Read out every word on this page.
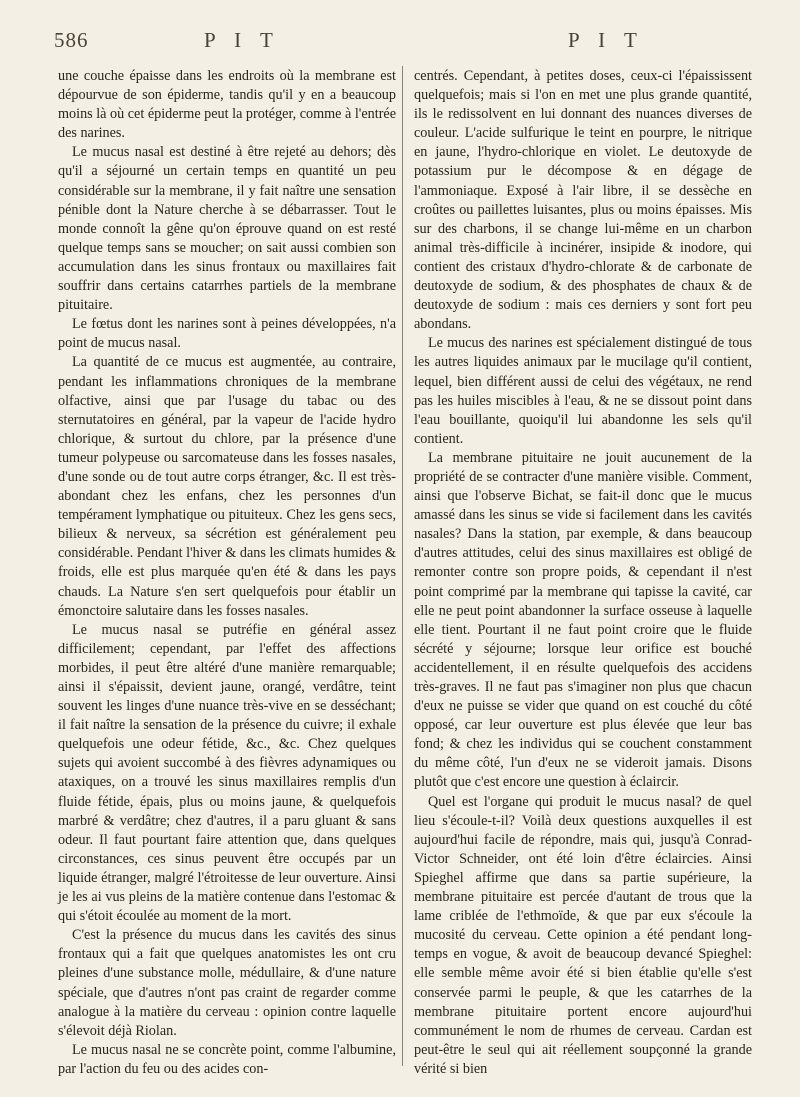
586	P I T	P I T

une couche épaisse dans les endroits où la membrane est dépourvue de son épiderme, tandis qu'il y en a beaucoup moins là où cet épiderme peut la protéger, comme à l'entrée des narines.

Le mucus nasal est destiné à être rejeté au dehors; dès qu'il a séjourné un certain temps en quantité un peu considérable sur la membrane, il y fait naître une sensation pénible dont la Nature cherche à se débarrasser. Tout le monde connoît la gêne qu'on éprouve quand on est resté quelque temps sans se moucher; on sait aussi combien son accumulation dans les sinus frontaux ou maxillaires fait souffrir dans certains catarrhes partiels de la membrane pituitaire.

Le fœtus dont les narines sont à peines développées, n'a point de mucus nasal.

La quantité de ce mucus est augmentée, au contraire, pendant les inflammations chroniques de la membrane olfactive, ainsi que par l'usage du tabac ou des sternutatoires en général, par la vapeur de l'acide hydro chlorique, & surtout du chlore, par la présence d'une tumeur polypeuse ou sarcomateuse dans les fosses nasales, d'une sonde ou de tout autre corps étranger, &c. Il est très-abondant chez les enfans, chez les personnes d'un tempérament lymphatique ou pituiteux. Chez les gens secs, bilieux & nerveux, sa sécrétion est généralement peu considérable. Pendant l'hiver & dans les climats humides & froids, elle est plus marquée qu'en été & dans les pays chauds. La Nature s'en sert quelquefois pour établir un émonctoire salutaire dans les fosses nasales.

Le mucus nasal se putréfie en général assez difficilement; cependant, par l'effet des affections morbides, il peut être altéré d'une manière remarquable; ainsi il s'épaissit, devient jaune, orangé, verdâtre, teint souvent les linges d'une nuance très-vive en se desséchant; il fait naître la sensation de la présence du cuivre; il exhale quelquefois une odeur fétide, &c., &c. Chez quelques sujets qui avoient succombé à des fièvres adynamiques ou ataxiques, on a trouvé les sinus maxillaires remplis d'un fluide fétide, épais, plus ou moins jaune, & quelquefois marbré & verdâtre; chez d'autres, il a paru gluant & sans odeur. Il faut pourtant faire attention que, dans quelques circonstances, ces sinus peuvent être occupés par un liquide étranger, malgré l'étroitesse de leur ouverture. Ainsi je les ai vus pleins de la matière contenue dans l'estomac & qui s'étoit écoulée au moment de la mort.

C'est la présence du mucus dans les cavités des sinus frontaux qui a fait que quelques anatomistes les ont cru pleines d'une substance molle, médullaire, & d'une nature spéciale, que d'autres n'ont pas craint de regarder comme analogue à la matière du cerveau : opinion contre laquelle s'élevoit déjà Riolan.

Le mucus nasal ne se concrète point, comme l'albumine, par l'action du feu ou des acides con-

centrés. Cependant, à petites doses, ceux-ci l'épaississent quelquefois; mais si l'on en met une plus grande quantité, ils le redissolvent en lui donnant des nuances diverses de couleur. L'acide sulfurique le teint en pourpre, le nitrique en jaune, l'hydro-chlorique en violet. Le deutoxyde de potassium pur le décompose & en dégage de l'ammoniaque. Exposé à l'air libre, il se dessèche en croûtes ou paillettes luisantes, plus ou moins épaisses. Mis sur des charbons, il se change lui-même en un charbon animal très-difficile à incinérer, insipide & inodore, qui contient des cristaux d'hydro-chlorate & de carbonate de deutoxyde de sodium, & des phosphates de chaux & de deutoxyde de sodium : mais ces derniers y sont fort peu abondans.

Le mucus des narines est spécialement distingué de tous les autres liquides animaux par le mucilage qu'il contient, lequel, bien différent aussi de celui des végétaux, ne rend pas les huiles miscibles à l'eau, & ne se dissout point dans l'eau bouillante, quoiqu'il lui abandonne les sels qu'il contient.

La membrane pituitaire ne jouit aucunement de la propriété de se contracter d'une manière visible. Comment, ainsi que l'observe Bichat, se fait-il donc que le mucus amassé dans les sinus se vide si facilement dans les cavités nasales? Dans la station, par exemple, & dans beaucoup d'autres attitudes, celui des sinus maxillaires est obligé de remonter contre son propre poids, & cependant il n'est point comprimé par la membrane qui tapisse la cavité, car elle ne peut point abandonner la surface osseuse à laquelle elle tient. Pourtant il ne faut point croire que le fluide sécrété y séjourne; lorsque leur orifice est bouché accidentellement, il en résulte quelquefois des accidens très-graves. Il ne faut pas s'imaginer non plus que chacun d'eux ne puisse se vider que quand on est couché du côté opposé, car leur ouverture est plus élevée que leur bas fond; & chez les individus qui se couchent constamment du même côté, l'un d'eux ne se videroit jamais. Disons plutôt que c'est encore une question à éclaircir.

Quel est l'organe qui produit le mucus nasal? de quel lieu s'écoule-t-il? Voilà deux questions auxquelles il est aujourd'hui facile de répondre, mais qui, jusqu'à Conrad-Victor Schneider, ont été loin d'être éclaircies. Ainsi Spieghel affirme que dans sa partie supérieure, la membrane pituitaire est percée d'autant de trous que la lame criblée de l'ethmoïde, & que par eux s'écoule la mucosité du cerveau. Cette opinion a été pendant long-temps en vogue, & avoit de beaucoup devancé Spieghel: elle semble même avoir été si bien établie qu'elle s'est conservée parmi le peuple, & que les catarrhes de la membrane pituitaire portent encore aujourd'hui communément le nom de rhumes de cerveau. Cardan est peut-être le seul qui ait réellement soupçonné la grande vérité si bien
